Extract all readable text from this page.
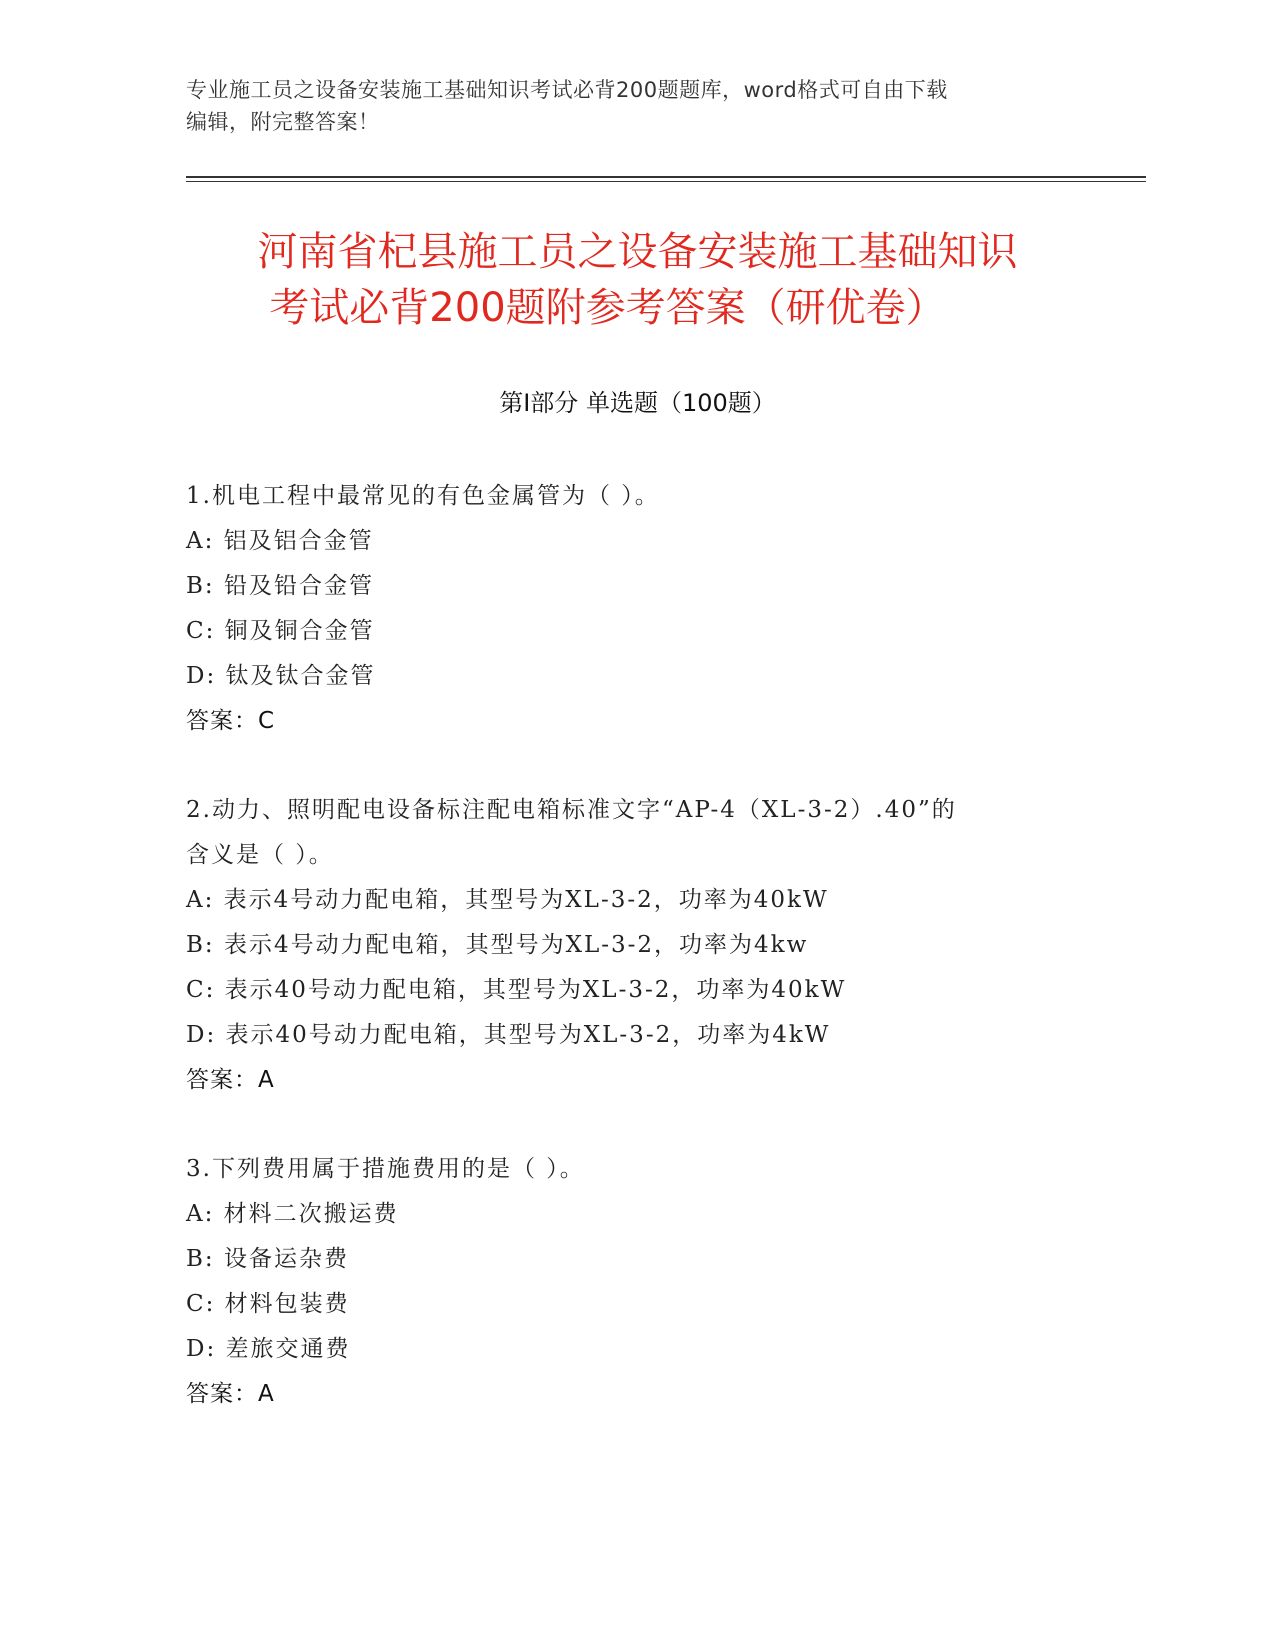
专业施工员之设备安装施工基础知识考试必背200题题库，word格式可自由下载
编辑，附完整答案！
河南省杞县施工员之设备安装施工基础知识
考试必背200题附参考答案（研优卷）
第Ⅰ部分 单选题（100题）
1.机电工程中最常见的有色金属管为（ ）。
A: 铝及铝合金管
B: 铅及铅合金管
C: 铜及铜合金管
D: 钛及钛合金管
答案：C
2.动力、照明配电设备标注配电箱标准文字“AP-4（XL-3-2）.40”的
含义是（ ）。
A: 表示4号动力配电箱，其型号为XL-3-2，功率为40kW
B: 表示4号动力配电箱，其型号为XL-3-2，功率为4kw
C: 表示40号动力配电箱，其型号为XL-3-2，功率为40kW
D: 表示40号动力配电箱，其型号为XL-3-2，功率为4kW
答案：A
3.下列费用属于措施费用的是（ ）。
A: 材料二次搬运费
B: 设备运杂费
C: 材料包装费
D: 差旅交通费
答案：A
